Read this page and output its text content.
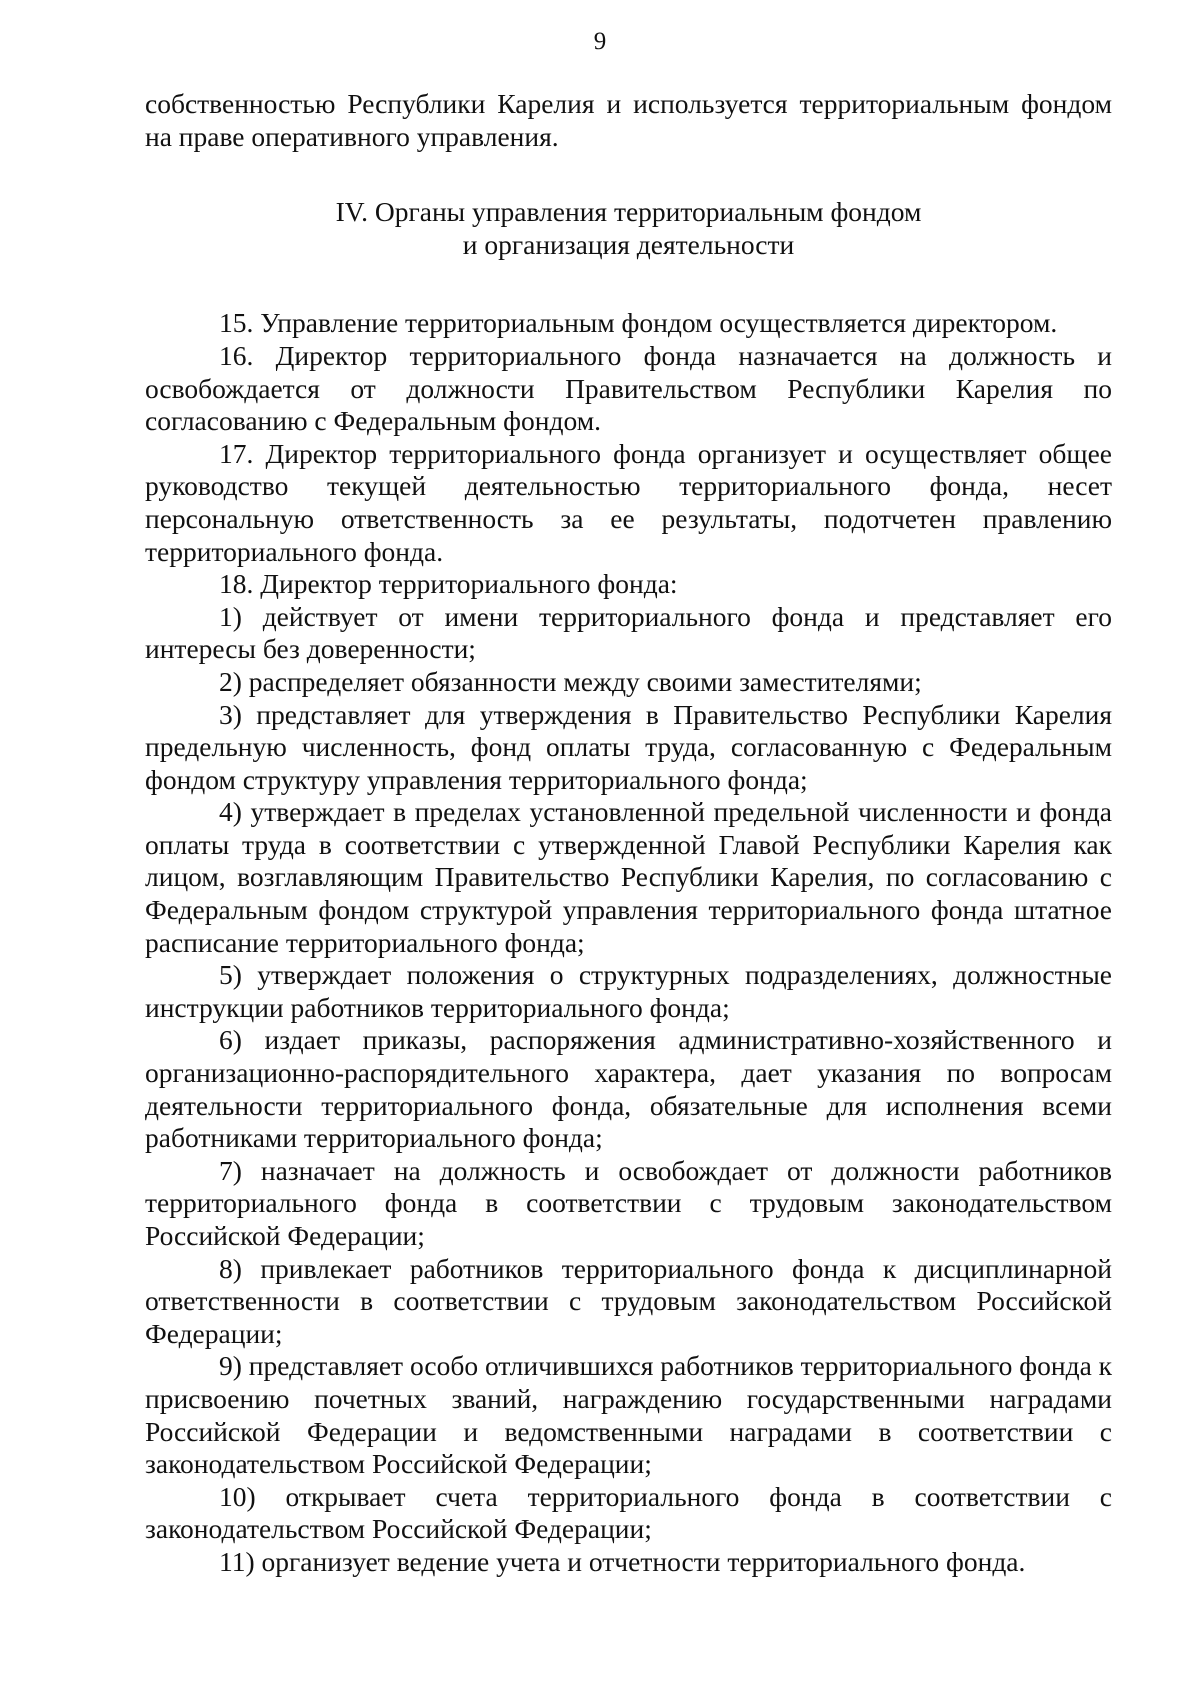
9

собственностью Республики Карелия и используется территориальным фондом на праве оперативного управления.

IV. Органы управления территориальным фондом
и организация деятельности

15. Управление территориальным фондом осуществляется директором.

16. Директор территориального фонда назначается на должность и освобождается от должности Правительством Республики Карелия по согласованию с Федеральным фондом.

17. Директор территориального фонда организует и осуществляет общее руководство текущей деятельностью территориального фонда, несет персональную ответственность за ее результаты, подотчетен правлению территориального фонда.

18. Директор территориального фонда:

1) действует от имени территориального фонда и представляет его интересы без доверенности;

2) распределяет обязанности между своими заместителями;

3) представляет для утверждения в Правительство Республики Карелия предельную численность, фонд оплаты труда, согласованную с Федеральным фондом структуру управления территориального фонда;

4) утверждает в пределах установленной предельной численности и фонда оплаты труда в соответствии с утвержденной Главой Республики Карелия как лицом, возглавляющим Правительство Республики Карелия, по согласованию с Федеральным фондом структурой управления территориального фонда штатное расписание территориального фонда;

5) утверждает положения о структурных подразделениях, должностные инструкции работников территориального фонда;

6) издает приказы, распоряжения административно-хозяйственного и организационно-распорядительного характера, дает указания по вопросам деятельности территориального фонда, обязательные для исполнения всеми работниками территориального фонда;

7) назначает на должность и освобождает от должности работников территориального фонда в соответствии с трудовым законодательством Российской Федерации;

8) привлекает работников территориального фонда к дисциплинарной ответственности в соответствии с трудовым законодательством Российской Федерации;

9) представляет особо отличившихся работников территориального фонда к присвоению почетных званий, награждению государственными наградами Российской Федерации и ведомственными наградами в соответствии с законодательством Российской Федерации;

10) открывает счета территориального фонда в соответствии с законодательством Российской Федерации;

11) организует ведение учета и отчетности территориального фонда.
